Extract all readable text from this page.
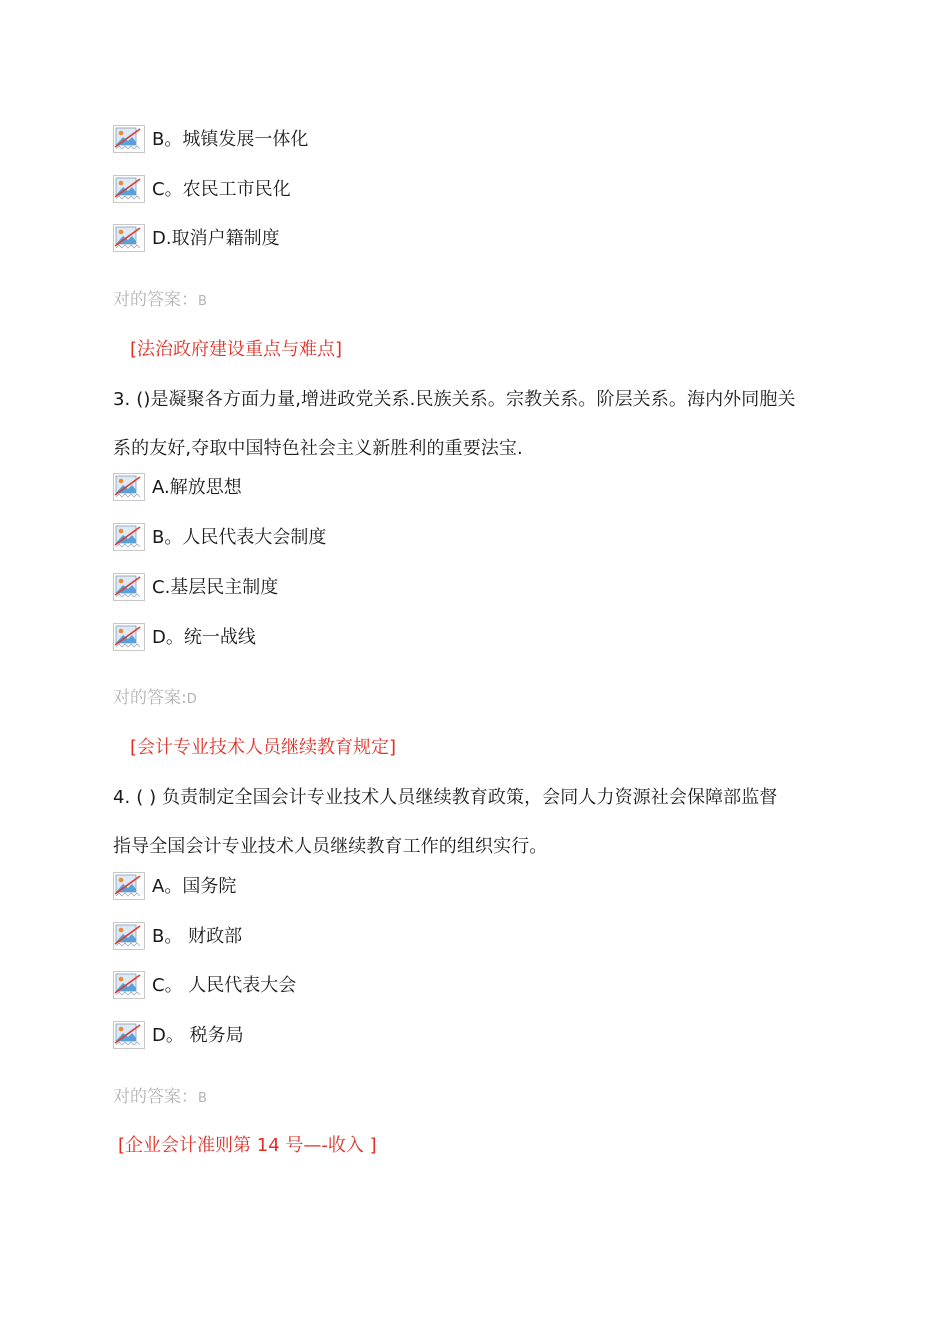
B。城镇发展一体化
C。农民工市民化
D.取消户籍制度
对的答案：B
[法治政府建设重点与难点]
3. ()是凝聚各方面力量,增进政党关系.民族关系。宗教关系。阶层关系。海内外同胞关
系的友好,夺取中国特色社会主义新胜利的重要法宝.
A.解放思想
B。人民代表大会制度
C.基层民主制度
D。统一战线
对的答案:D
[会计专业技术人员继续教育规定]
4. ( ) 负责制定全国会计专业技术人员继续教育政策，会同人力资源社会保障部监督
指导全国会计专业技术人员继续教育工作的组织实行。
A。国务院
B。 财政部
C。 人民代表大会
D。 税务局
对的答案：B
[企业会计准则第 14 号—-收入 ]
